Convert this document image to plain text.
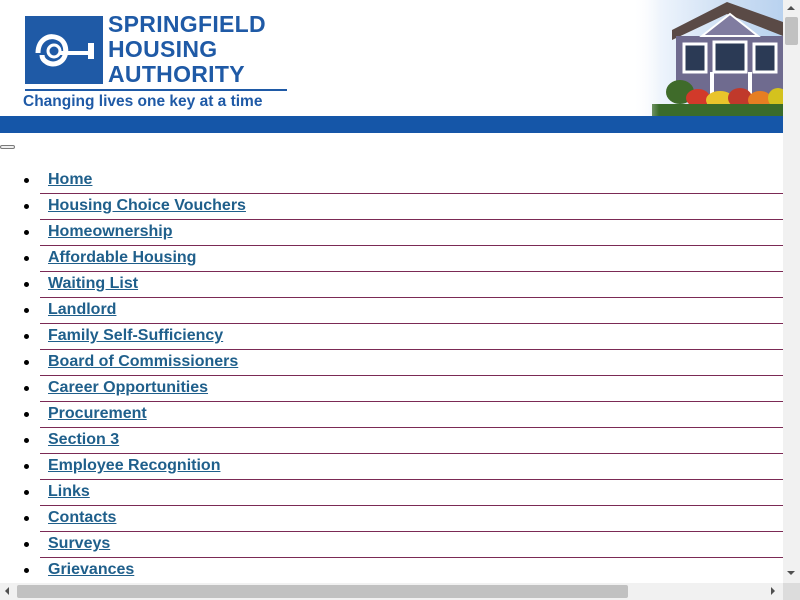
SPRINGFIELD
HOUSING
AUTHORITY
Changing lives one key at a time
Home
Housing Choice Vouchers
Homeownership
Affordable Housing
Waiting List
Landlord
Family Self-Sufficiency
Board of Commissioners
Career Opportunities
Procurement
Section 3
Employee Recognition
Links
Contacts
Surveys
Grievances
